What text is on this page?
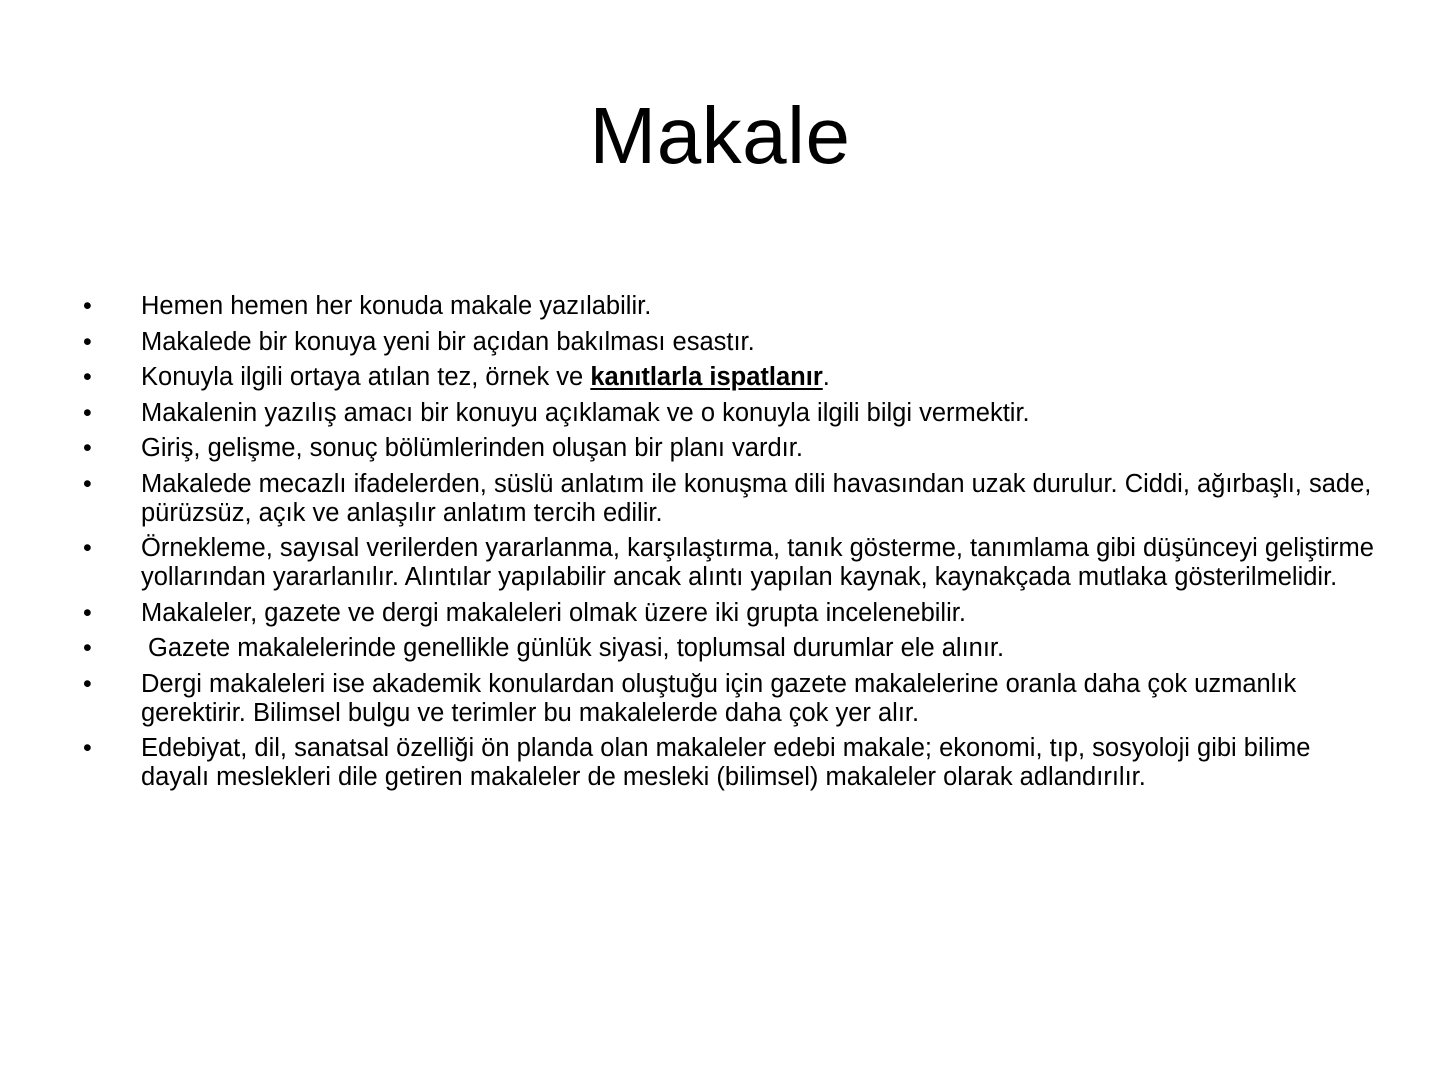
Makale
• Hemen hemen her konuda makale yazılabilir.
• Makalede bir konuya yeni bir açıdan bakılması esastır.
• Konuyla ilgili ortaya atılan tez, örnek ve kanıtlarla ispatlanır.
• Makalenin yazılış amacı bir konuyu açıklamak ve o konuyla ilgili bilgi vermektir.
• Giriş, gelişme, sonuç bölümlerinden oluşan bir planı vardır.
• Makalede mecazlı ifadelerden, süslü anlatım ile konuşma dili havasından uzak durulur. Ciddi, ağırbaşlı, sade, pürüzsüz, açık ve anlaşılır anlatım tercih edilir.
• Örnekleme, sayısal verilerden yararlanma, karşılaştırma, tanık gösterme, tanımlama gibi düşünceyi geliştirme yollarından yararlanılır. Alıntılar yapılabilir ancak alıntı yapılan kaynak, kaynakçada mutlaka gösterilmelidir.
• Makaleler, gazete ve dergi makaleleri olmak üzere iki grupta incelenebilir.
• Gazete makalelerinde genellikle günlük siyasi, toplumsal durumlar ele alınır.
• Dergi makaleleri ise akademik konulardan oluştuğu için gazete makalelerine oranla daha çok uzmanlık gerektirir. Bilimsel bulgu ve terimler bu makalelerde daha çok yer alır.
• Edebiyat, dil, sanatsal özelliği ön planda olan makaleler edebi makale; ekonomi, tıp, sosyoloji gibi bilime dayalı meslekleri dile getiren makaleler de mesleki (bilimsel) makaleler olarak adlandırılır.
